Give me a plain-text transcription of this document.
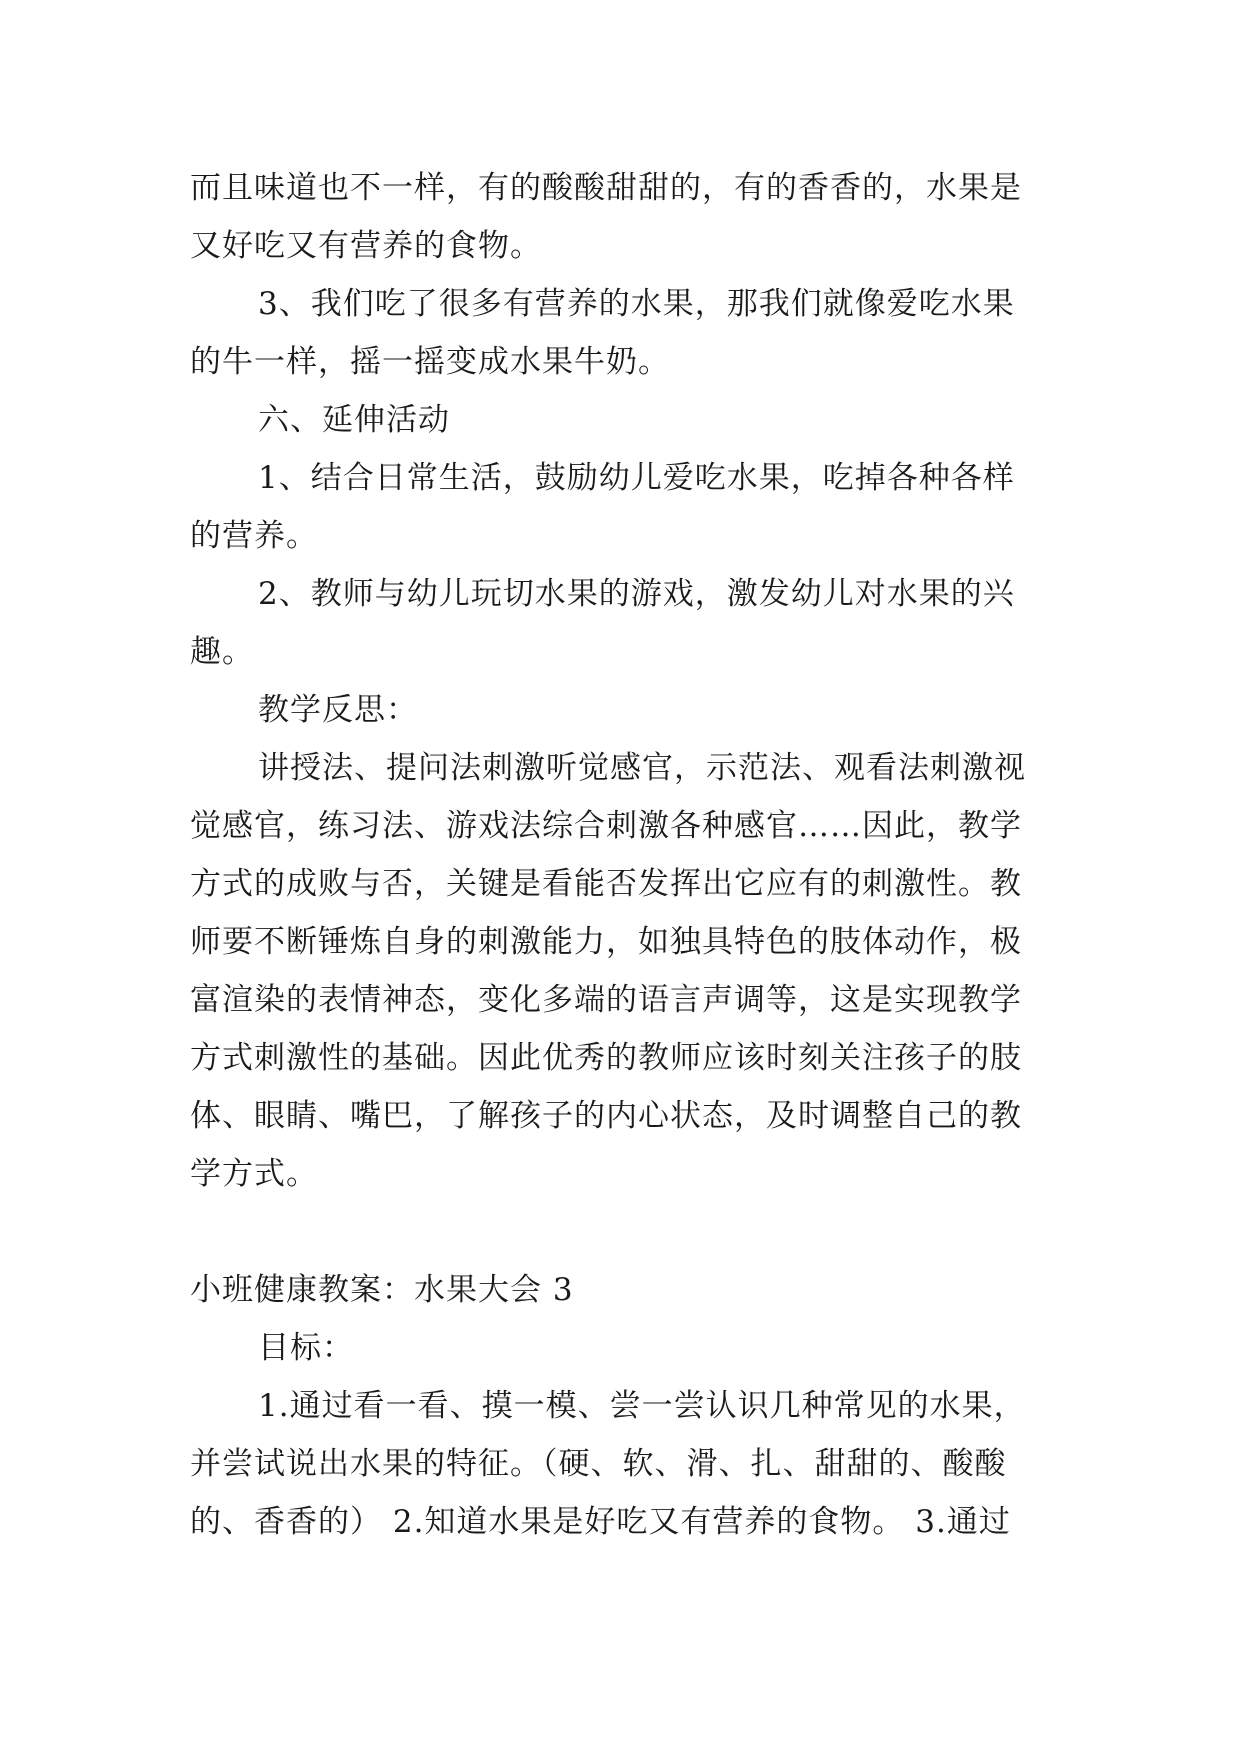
而且味道也不一样，有的酸酸甜甜的，有的香香的，水果是
又好吃又有营养的食物。
3、我们吃了很多有营养的水果，那我们就像爱吃水果
的牛一样，摇一摇变成水果牛奶。
六、延伸活动
1、结合日常生活，鼓励幼儿爱吃水果，吃掉各种各样
的营养。
2、教师与幼儿玩切水果的游戏，激发幼儿对水果的兴
趣。
教学反思：
讲授法、提问法刺激听觉感官，示范法、观看法刺激视
觉感官，练习法、游戏法综合刺激各种感官……因此，教学
方式的成败与否，关键是看能否发挥出它应有的刺激性。教
师要不断锤炼自身的刺激能力，如独具特色的肢体动作，极
富渲染的表情神态，变化多端的语言声调等，这是实现教学
方式刺激性的基础。因此优秀的教师应该时刻关注孩子的肢
体、眼睛、嘴巴，了解孩子的内心状态，及时调整自己的教
学方式。
小班健康教案：水果大会 3
目标：
1.通过看一看、摸一模、尝一尝认识几种常见的水果，
并尝试说出水果的特征。（硬、软、滑、扎、甜甜的、酸酸
的、香香的） 2.知道水果是好吃又有营养的食物。 3.通过
